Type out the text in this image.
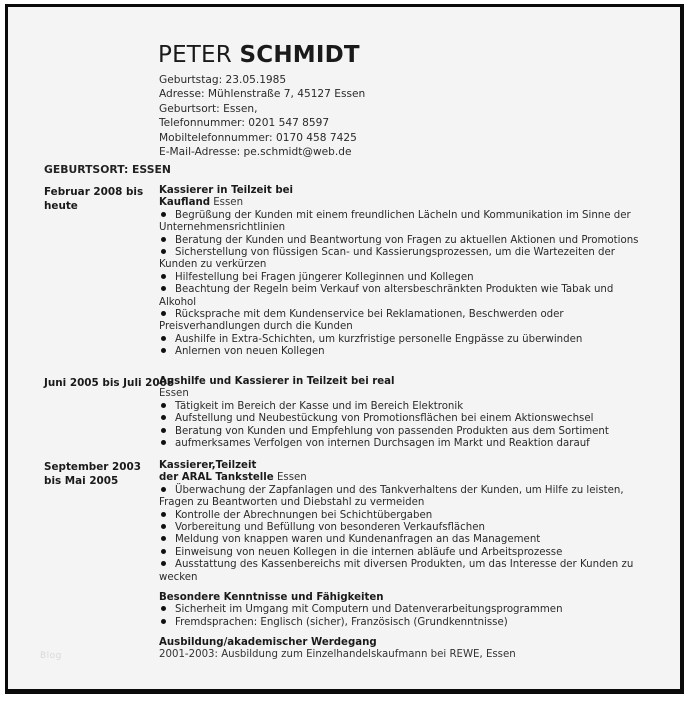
PETER SCHMIDT
Geburtstag: 23.05.1985
Adresse: Mühlenstraße 7, 45127 Essen
Geburtsort: Essen,
Telefonnummer: 0201 547 8597
Mobiltelefonnummer: 0170 458 7425
E-Mail-Adresse: pe.schmidt@web.de
GEBURTSORT: ESSEN
Februar 2008 bis heute
Kassierer in Teilzeit bei
Kaufland Essen
Begrüßung der Kunden mit einem freundlichen Lächeln und Kommunikation im Sinne der Unternehmensrichtlinien
Beratung der Kunden und Beantwortung von Fragen zu aktuellen Aktionen und Promotions
Sicherstellung von flüssigen Scan- und Kassierungsprozessen, um die Wartezeiten der Kunden zu verkürzen
Hilfestellung bei Fragen jüngerer Kolleginnen und Kollegen
Beachtung der Regeln beim Verkauf von altersbeschränkten Produkten wie Tabak und Alkohol
Rücksprache mit dem Kundenservice bei Reklamationen, Beschwerden oder Preisverhandlungen durch die Kunden
Aushilfe in Extra-Schichten, um kurzfristige personelle Engpässe zu überwinden
Anlernen von neuen Kollegen
Juni 2005 bis Juli 2008
Aushilfe und Kassierer in Teilzeit bei real
Essen
Tätigkeit im Bereich der Kasse und im Bereich Elektronik
Aufstellung und Neubestückung von Promotionsflächen bei einem Aktionswechsel
Beratung von Kunden und Empfehlung von passenden Produkten aus dem Sortiment
aufmerksames Verfolgen von internen Durchsagen im Markt und Reaktion darauf
September 2003 bis Mai 2005
Kassierer,Teilzeit
der ARAL Tankstelle Essen
Überwachung der Zapfanlagen und des Tankverhaltens der Kunden, um Hilfe zu leisten, Fragen zu Beantworten und Diebstahl zu vermeiden
Kontrolle der Abrechnungen bei Schichtübergaben
Vorbereitung und Befüllung von besonderen Verkaufsflächen
Meldung von knappen waren und Kundenanfragen an das Management
Einweisung von neuen Kollegen in die internen abläufe und Arbeitsprozesse
Ausstattung des Kassenbereichs mit diversen Produkten, um das Interesse der Kunden zu wecken
Besondere Kenntnisse und Fähigkeiten
Sicherheit im Umgang mit Computern und Datenverarbeitungsprogrammen
Fremdsprachen: Englisch (sicher), Französisch (Grundkenntnisse)
Ausbildung/akademischer Werdegang
2001-2003: Ausbildung zum Einzelhandelskaufmann bei REWE, Essen
Blog
